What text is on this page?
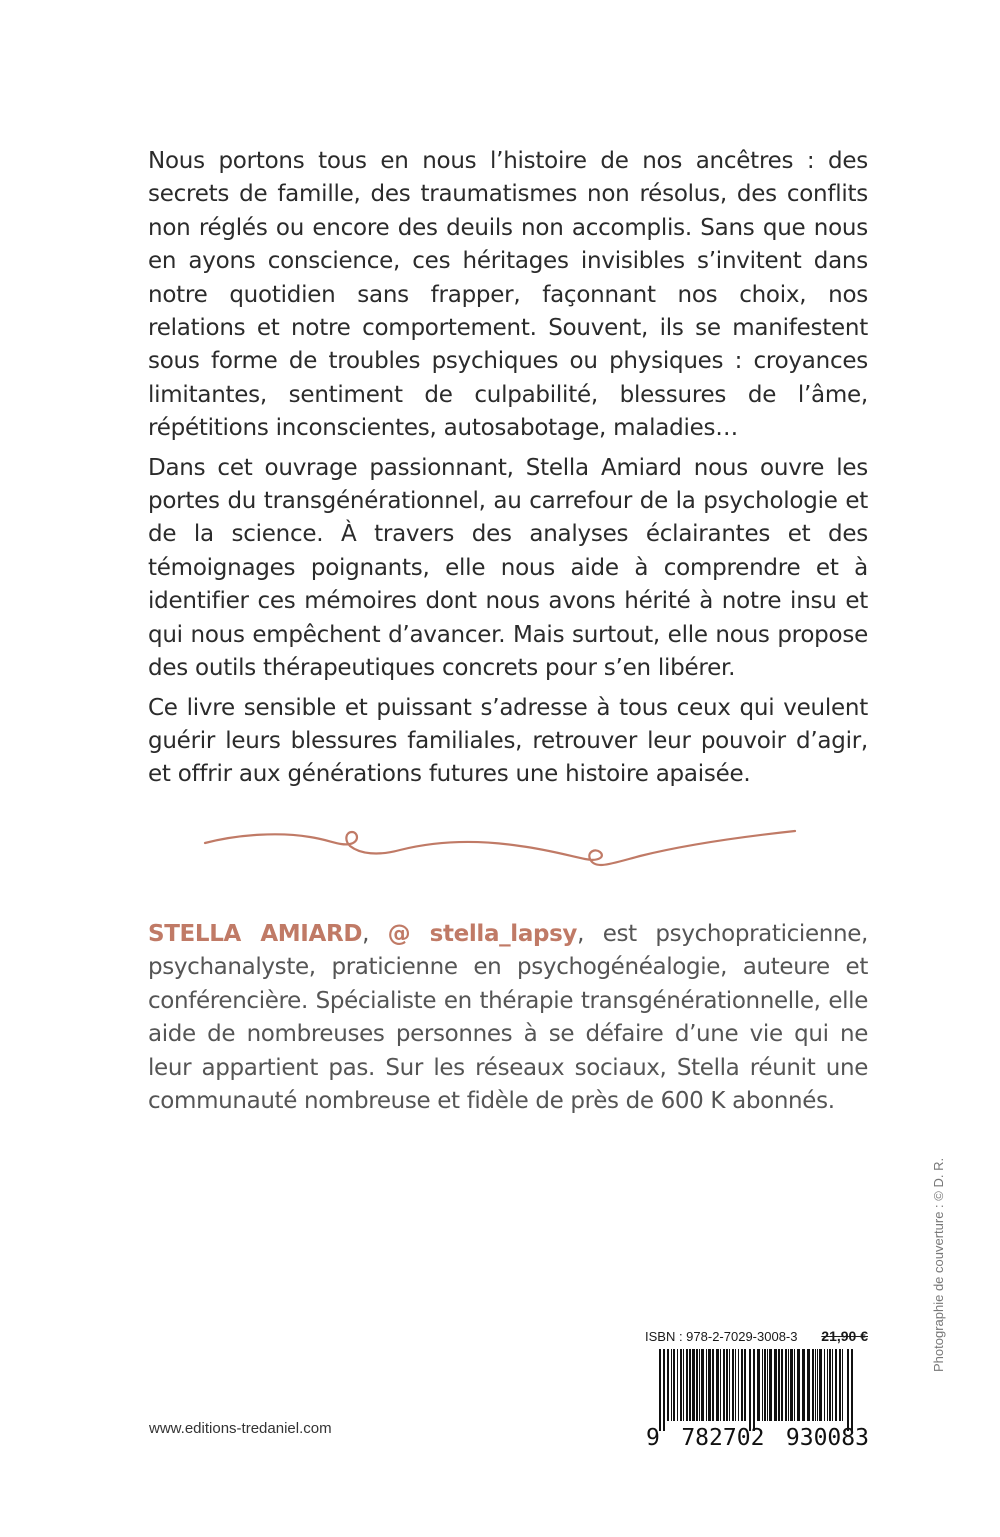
Nous portons tous en nous l’histoire de nos ancêtres : des secrets de famille, des traumatismes non résolus, des conflits non réglés ou encore des deuils non accomplis. Sans que nous en ayons conscience, ces héritages invisibles s’invitent dans notre quotidien sans frapper, façonnant nos choix, nos relations et notre comportement. Souvent, ils se manifestent sous forme de troubles psychiques ou physiques : croyances limitantes, sentiment de culpabilité, blessures de l’âme, répétitions inconscientes, autosabotage, maladies…

Dans cet ouvrage passionnant, Stella Amiard nous ouvre les portes du transgénérationnel, au carrefour de la psychologie et de la science. À travers des analyses éclairantes et des témoignages poignants, elle nous aide à comprendre et à identifier ces mémoires dont nous avons hérité à notre insu et qui nous empêchent d’avancer. Mais surtout, elle nous propose des outils thérapeutiques concrets pour s’en libérer.

Ce livre sensible et puissant s’adresse à tous ceux qui veulent guérir leurs blessures familiales, retrouver leur pouvoir d’agir, et offrir aux générations futures une histoire apaisée.

STELLA AMIARD, @ stella_lapsy, est psychopraticienne, psychanalyste, praticienne en psychogénéalogie, auteure et conférencière. Spécialiste en thérapie transgénérationnelle, elle aide de nombreuses personnes à se défaire d’une vie qui ne leur appartient pas. Sur les réseaux sociaux, Stella réunit une communauté nombreuse et fidèle de près de 600 K abonnés.
ISBN : 978-2-7029-3008-3 21,90 €
9 782702 930083
www.editions-tredaniel.com
Photographie de couverture : © D. R.
